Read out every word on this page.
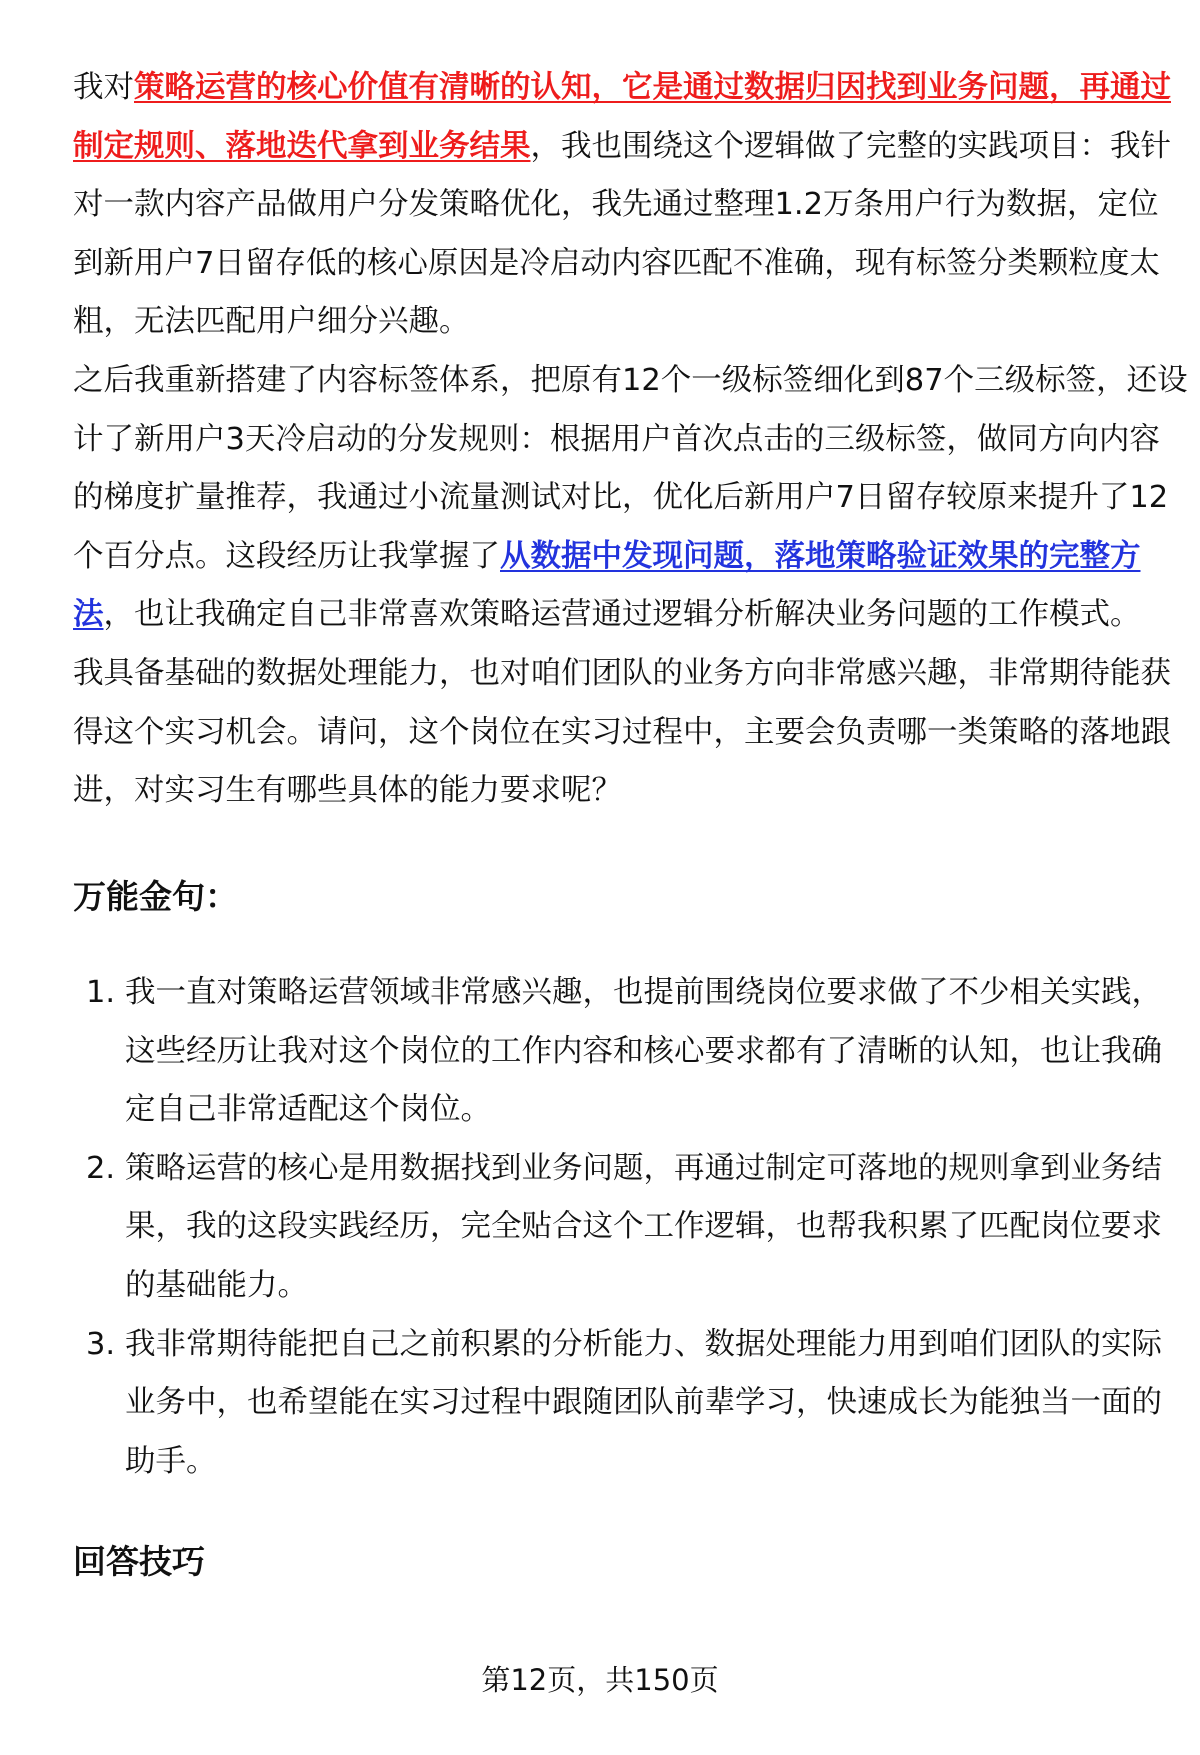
我对策略运营的核心价值有清晰的认知，它是通过数据归因找到业务问题，再通过
制定规则、落地迭代拿到业务结果，我也围绕这个逻辑做了完整的实践项目：我针
对一款内容产品做用户分发策略优化，我先通过整理1.2万条用户行为数据，定位
到新用户7日留存低的核心原因是冷启动内容匹配不准确，现有标签分类颗粒度太
粗，无法匹配用户细分兴趣。
之后我重新搭建了内容标签体系，把原有12个一级标签细化到87个三级标签，还设
计了新用户3天冷启动的分发规则：根据用户首次点击的三级标签，做同方向内容
的梯度扩量推荐，我通过小流量测试对比，优化后新用户7日留存较原来提升了12
个百分点。这段经历让我掌握了从数据中发现问题，落地策略验证效果的完整方
法，也让我确定自己非常喜欢策略运营通过逻辑分析解决业务问题的工作模式。
我具备基础的数据处理能力，也对咱们团队的业务方向非常感兴趣，非常期待能获
得这个实习机会。请问，这个岗位在实习过程中，主要会负责哪一类策略的落地跟
进，对实习生有哪些具体的能力要求呢？
万能金句：
1. 我一直对策略运营领域非常感兴趣，也提前围绕岗位要求做了不少相关实践，
这些经历让我对这个岗位的工作内容和核心要求都有了清晰的认知，也让我确
定自己非常适配这个岗位。
2. 策略运营的核心是用数据找到业务问题，再通过制定可落地的规则拿到业务结
果，我的这段实践经历，完全贴合这个工作逻辑，也帮我积累了匹配岗位要求
的基础能力。
3. 我非常期待能把自己之前积累的分析能力、数据处理能力用到咱们团队的实际
业务中，也希望能在实习过程中跟随团队前辈学习，快速成长为能独当一面的
助手。
回答技巧
第12页，共150页
